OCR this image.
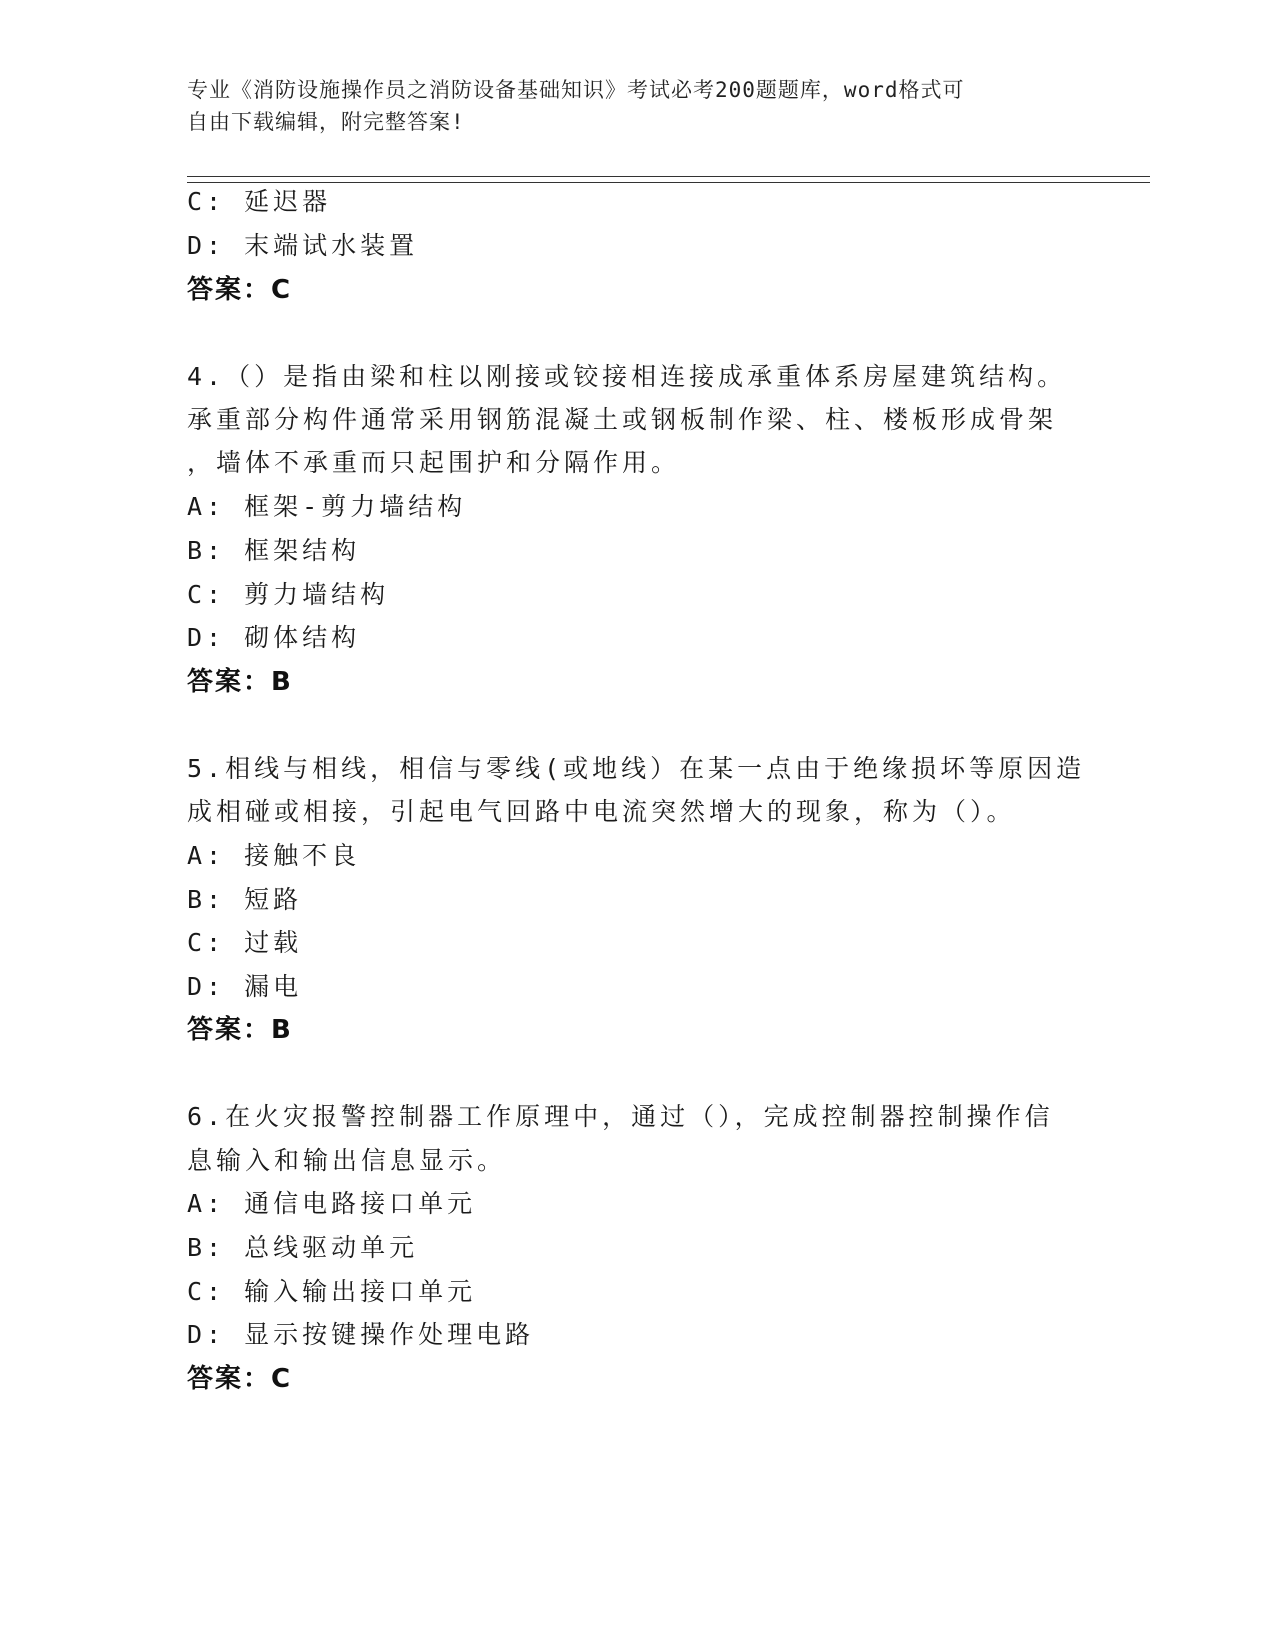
专业《消防设施操作员之消防设备基础知识》考试必考200题题库，word格式可
自由下载编辑，附完整答案!
C: 延迟器
D: 末端试水装置
答案：C
4.（）是指由梁和柱以刚接或铰接相连接成承重体系房屋建筑结构。
承重部分构件通常采用钢筋混凝土或钢板制作梁、柱、楼板形成骨架
，墙体不承重而只起围护和分隔作用。
A: 框架-剪力墙结构
B: 框架结构
C: 剪力墙结构
D: 砌体结构
答案：B
5.相线与相线，相信与零线(或地线）在某一点由于绝缘损坏等原因造
成相碰或相接，引起电气回路中电流突然增大的现象，称为（）。
A: 接触不良
B: 短路
C: 过载
D: 漏电
答案：B
6.在火灾报警控制器工作原理中，通过（），完成控制器控制操作信
息输入和输出信息显示。
A: 通信电路接口单元
B: 总线驱动单元
C: 输入输出接口单元
D: 显示按键操作处理电路
答案：C
